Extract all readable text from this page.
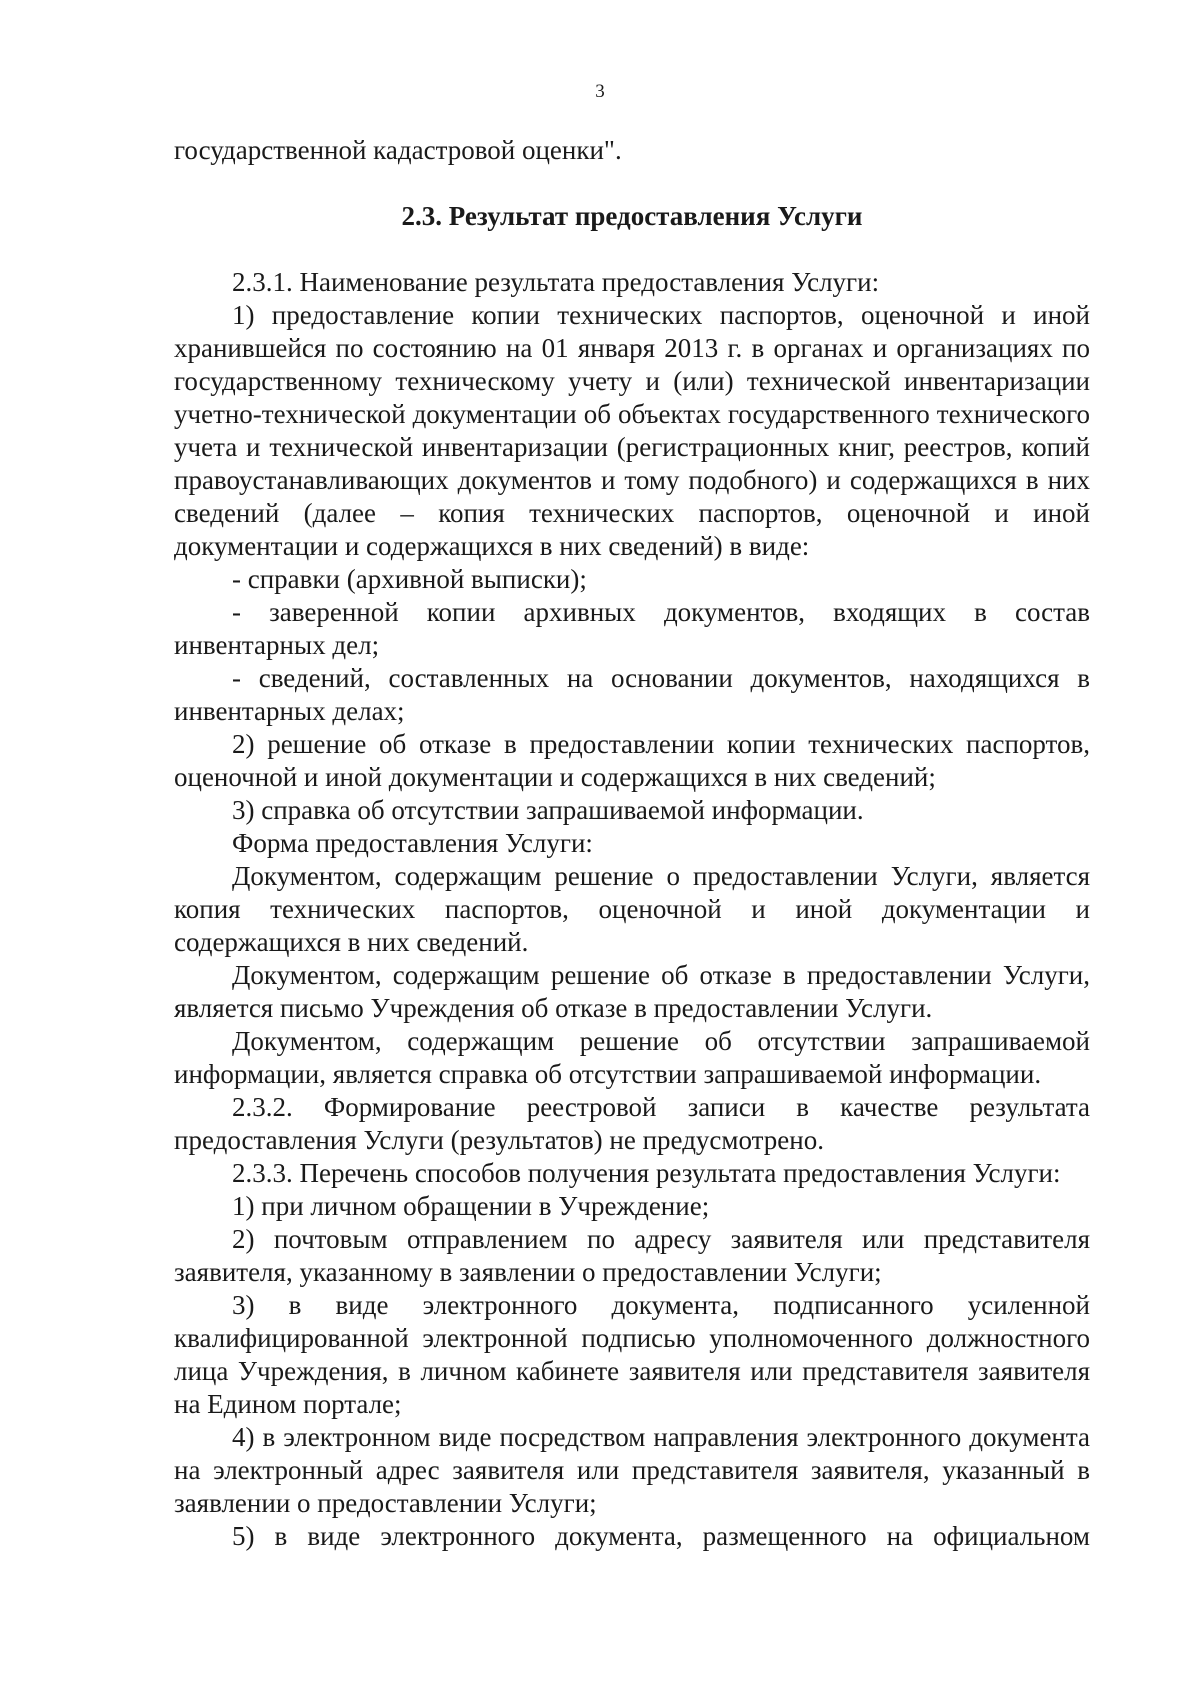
3

государственной кадастровой оценки".

2.3. Результат предоставления Услуги

2.3.1. Наименование результата предоставления Услуги:

1) предоставление копии технических паспортов, оценочной и иной хранившейся по состоянию на 01 января 2013 г. в органах и организациях по государственному техническому учету и (или) технической инвентаризации учетно-технической документации об объектах государственного технического учета и технической инвентаризации (регистрационных книг, реестров, копий правоустанавливающих документов и тому подобного) и содержащихся в них сведений (далее – копия технических паспортов, оценочной и иной документации и содержащихся в них сведений) в виде:

- справки (архивной выписки);

- заверенной копии архивных документов, входящих в состав инвентарных дел;

- сведений, составленных на основании документов, находящихся в инвентарных делах;

2) решение об отказе в предоставлении копии технических паспортов, оценочной и иной документации и содержащихся в них сведений;

3) справка об отсутствии запрашиваемой информации.

Форма предоставления Услуги:

Документом, содержащим решение о предоставлении Услуги, является копия технических паспортов, оценочной и иной документации и содержащихся в них сведений.

Документом, содержащим решение об отказе в предоставлении Услуги, является письмо Учреждения об отказе в предоставлении Услуги.

Документом, содержащим решение об отсутствии запрашиваемой информации, является справка об отсутствии запрашиваемой информации.

2.3.2. Формирование реестровой записи в качестве результата предоставления Услуги (результатов) не предусмотрено.

2.3.3. Перечень способов получения результата предоставления Услуги:

1) при личном обращении в Учреждение;

2) почтовым отправлением по адресу заявителя или представителя заявителя, указанному в заявлении о предоставлении Услуги;

3) в виде электронного документа, подписанного усиленной квалифицированной электронной подписью уполномоченного должностного лица Учреждения, в личном кабинете заявителя или представителя заявителя на Едином портале;

4) в электронном виде посредством направления электронного документа на электронный адрес заявителя или представителя заявителя, указанный в заявлении о предоставлении Услуги;

5) в виде электронного документа, размещенного на официальном
